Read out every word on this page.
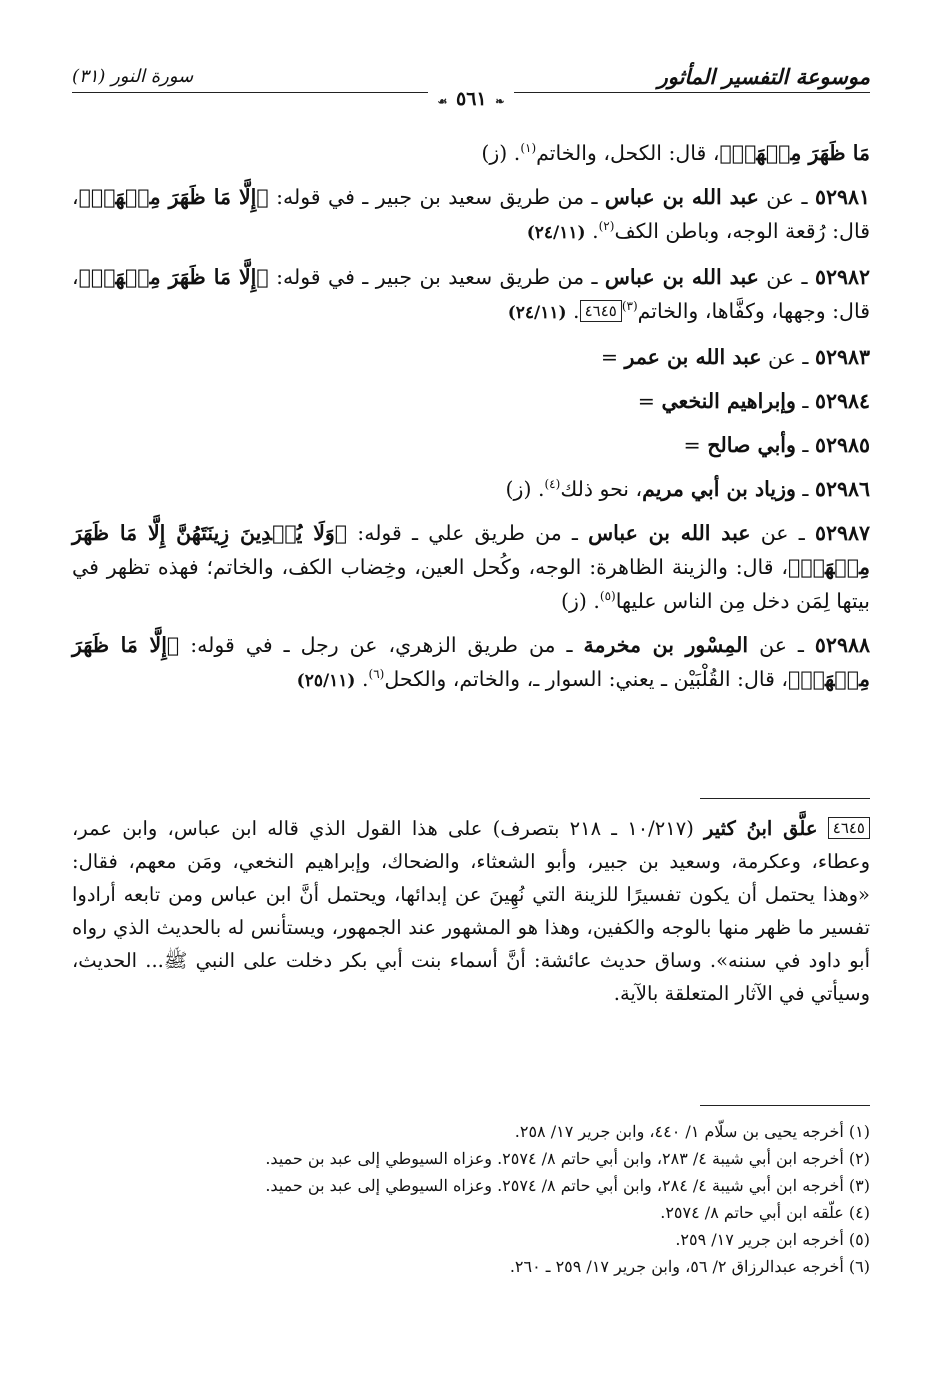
موسوعة التفسير المأثور
سورة النور (٣١)
❧ ٥٦١ ☙

مَا ظَهَرَ مِنۡهَاۖ﴾، قال: الكحل، والخاتم$^{(١)}$. (ز)

٥٢٩٨١ ـ عن عبد الله بن عباس ـ من طريق سعيد بن جبير ـ في قوله: ﴿إِلَّا مَا ظَهَرَ مِنۡهَاۖ﴾، قال: رُقعة الوجه، وباطن الكف$^{(٢)}$. (٢٤/١١)

٥٢٩٨٢ ـ عن عبد الله بن عباس ـ من طريق سعيد بن جبير ـ في قوله: ﴿إِلَّا مَا ظَهَرَ مِنۡهَاۖ﴾، قال: وجهها، وكفَّاها، والخاتم$^{(٣)}$٤٦٤٥. (٢٤/١١)

٥٢٩٨٣ ـ عن عبد الله بن عمر =

٥٢٩٨٤ ـ وإبراهيم النخعي =

٥٢٩٨٥ ـ وأبي صالح =

٥٢٩٨٦ ـ وزياد بن أبي مريم، نحو ذلك$^{(٤)}$. (ز)

٥٢٩٨٧ ـ عن عبد الله بن عباس ـ من طريق علي ـ قوله: ﴿وَلَا يُبۡدِينَ زِينَتَهُنَّ إِلَّا مَا ظَهَرَ مِنۡهَاۖ﴾، قال: والزينة الظاهرة: الوجه، وكُحل العين، وخِضاب الكف، والخاتم؛ فهذه تظهر في بيتها لِمَن دخل مِن الناس عليها$^{(٥)}$. (ز)

٥٢٩٨٨ ـ عن المِسْور بن مخرمة ـ من طريق الزهري، عن رجل ـ في قوله: ﴿إِلَّا مَا ظَهَرَ مِنۡهَاۖ﴾، قال: القُلْبَيْن ـ يعني: السوار ـ، والخاتم، والكحل$^{(٦)}$. (٢٥/١١)

٤٦٤٥ علَّق ابنُ كثير (١٠/٢١٧ ـ ٢١٨ بتصرف) على هذا القول الذي قاله ابن عباس، وابن عمر، وعطاء، وعكرمة، وسعيد بن جبير، وأبو الشعثاء، والضحاك، وإبراهيم النخعي، ومَن معهم، فقال: «وهذا يحتمل أن يكون تفسيرًا للزينة التي نُهِينَ عن إبدائها، ويحتمل أنَّ ابن عباس ومن تابعه أرادوا تفسير ما ظهر منها بالوجه والكفين، وهذا هو المشهور عند الجمهور، ويستأنس له بالحديث الذي رواه أبو داود في سننه». وساق حديث عائشة: أنَّ أسماء بنت أبي بكر دخلت على النبي ﷺ... الحديث، وسيأتي في الآثار المتعلقة بالآية.

(١) أخرجه يحيى بن سلّام ١/ ٤٤٠، وابن جرير ١٧/ ٢٥٨.

(٢) أخرجه ابن أبي شيبة ٤/ ٢٨٣، وابن أبي حاتم ٨/ ٢٥٧٤. وعزاه السيوطي إلى عبد بن حميد.

(٣) أخرجه ابن أبي شيبة ٤/ ٢٨٤، وابن أبي حاتم ٨/ ٢٥٧٤. وعزاه السيوطي إلى عبد بن حميد.

(٤) علّقه ابن أبي حاتم ٨/ ٢٥٧٤.

(٥) أخرجه ابن جرير ١٧/ ٢٥٩.

(٦) أخرجه عبدالرزاق ٢/ ٥٦، وابن جرير ١٧/ ٢٥٩ ـ ٢٦٠.
